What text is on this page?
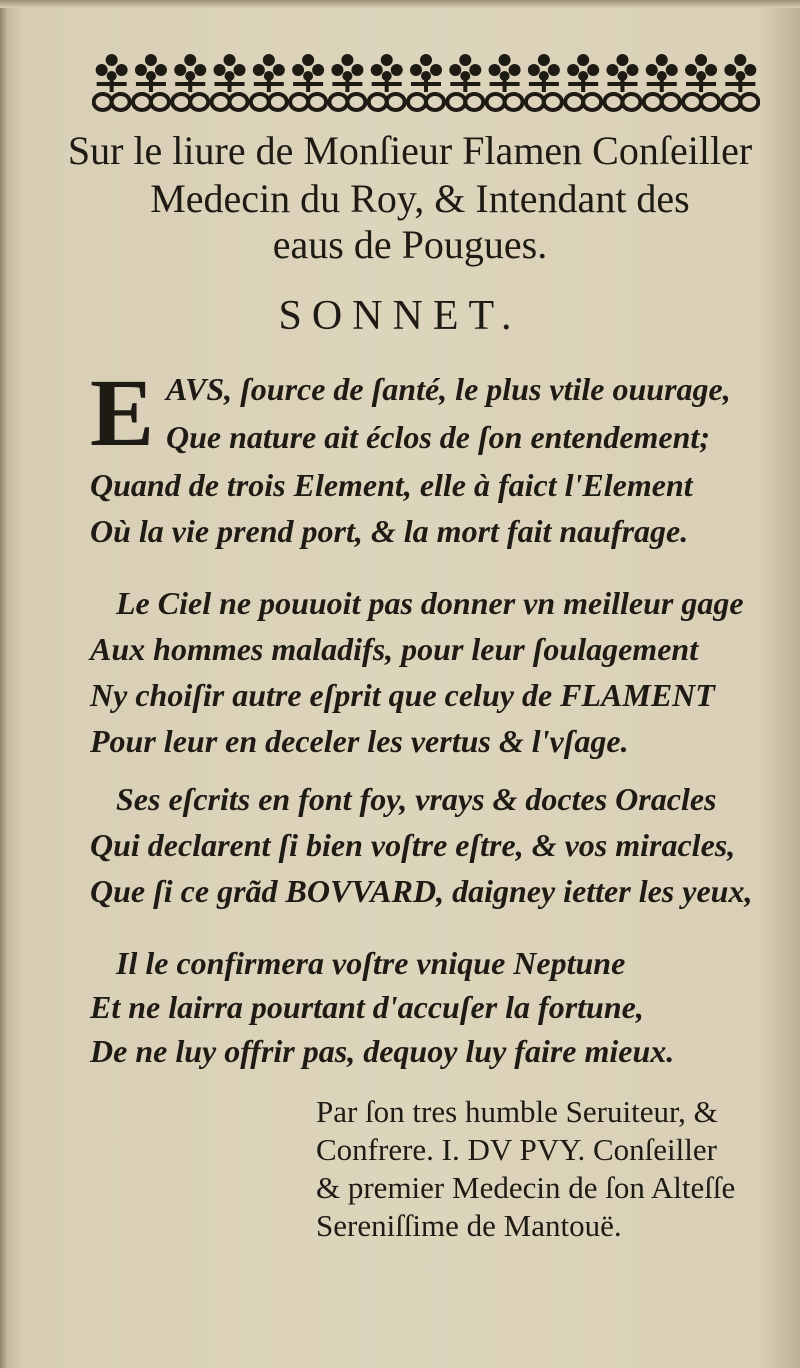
Sur le liure de Monſieur Flamen Conſeiller

Medecin du Roy, & Intendant des

eaus de Pougues.

SONNET.

E AVS, ſource de ſanté, le plus vtile ouurage,

Que nature ait éclos de ſon entendement;

Quand de trois Element, elle à faict l'Element

Où la vie prend port, & la mort fait naufrage.

Le Ciel ne pouuoit pas donner vn meilleur gage

Aux hommes maladifs, pour leur ſoulagement

Ny choiſir autre eſprit que celuy de FLAMENT

Pour leur en deceler les vertus & l'vſage.

Ses eſcrits en font foy, vrays & doctes Oracles

Qui declarent ſi bien voſtre eſtre, & vos miracles,

Que ſi ce grãd BOVVARD, daigney ietter les yeux,

Il le confirmera voſtre vnique Neptune

Et ne lairra pourtant d'accuſer la fortune,

De ne luy offrir pas, dequoy luy faire mieux.

Par ſon tres humble Seruiteur, &

Confrere. I. DV PVY. Conſeiller

& premier Medecin de ſon Alteſſe

Sereniſſime de Mantouë.
